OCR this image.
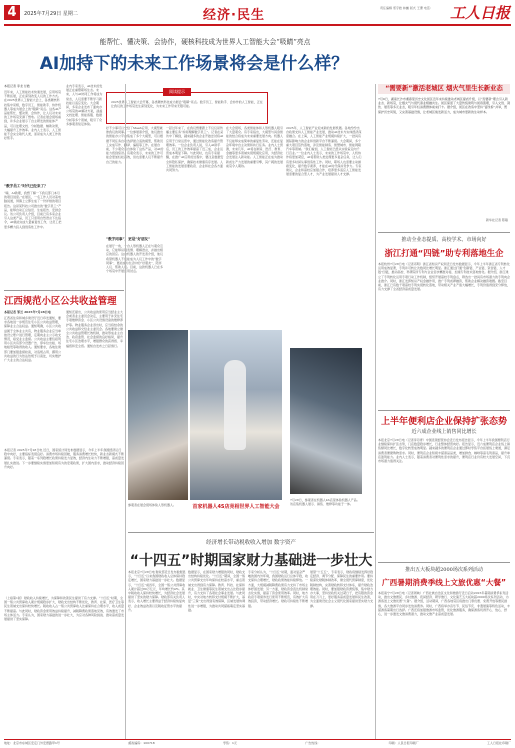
4	2025年7月29日 星期二	经济·民生	责任编辑 邢宇皓 林巍 版式 王珊 电话：	工人日报
能帮忙、懂决策、会协作，硬核科技成为世界人工智能大会“吸睛”亮点
AI加持下的未来工作场景将会是什么样？
“需要新”激活老城区 烟火气里生长新业态
7月9日，湖南长沙市湘春里历史文化街区近年来持续推动老城区提质升级，以“需要新”理念引入新业态、新场景，让烟火气与现代商业相融共生。街区保留了大量传统建筑与街巷肌理，引入文创、餐饮、展览等多元业态，吸引年轻消费群体前来打卡。据介绍，街区在改造中坚持“留改拆”并举，既保护历史风貌，又完善基础设施，让老城区焕发新活力，成为城市更新的生动样本。
新华社记者 陈聪
本报记者 李龙 甘皓
近年来，人工智能技术快速发展，应用场景不断拓展，正在深刻改变人们的工作方式。在2025世界人工智能大会上，各类硬核科技集中亮相，数字员工、智能助手、协作机器人等成为展会上的“吸睛”亮点。这些AI产品能帮忙、懂决策、会协作，让人们对未来的工作场景充满了想象。记者在展会现场看到，许多企业展示了自主研发的智能体产品，可以处理文档、分析数据、辅助决策，大幅提升工作效率。业内人士表示，人工智能不会完全取代人类，而是成为人类工作的好帮手。
“数字员工”时代已经来了？
“嗨，AI助理，我想了解一下我们部门本月的项目进度。”在展区，一名工作人员对着电脑说道，屏幕上立即生成了一份详细的项目报告。这是某科技公司推出的“数字员工”产品，能够自动汇总信息、生成报告、安排会议。该公司负责人介绍，目前已有多家企业引入这类产品，员工只需用自然语言下达指令，AI就能完成大量重复性工作，让员工把更多精力投入到创造性工作中。
江西规范小区公共收益管理
本报记者 邹兰 2025年7月28日电
江西省住房和城乡建设厅近日印发通知，要求各地进一步规范住宅小区公共收益管理，保障业主合法权益。通知明确，小区公共收益属于全体业主共有，物业服务企业应当单独设立账户进行管理，定期向业主公示收支情况，接受业主监督。公共收益主要包括利用小区共有部分设置广告、停车位出租、场地租赁等取得的收入。通知要求，各地住建部门要加强监督检查，对违规占用、挪用公共收益的行为依法依规予以查处，切实维护广大业主的合法权益。
通知还提出，公共收益的使用应当经业主大会或者业主委员会决定，主要用于补充住宅专项维修资金、小区公共设施设备的维修养护等。物业服务企业退出时，应当将结余的公共收益移交给业主委员会。各地要建立健全公共收益管理长效机制，推动形成业主自治、政府监管、社会监督的良好格局，提升住宅小区治理水平，增强群众的获得感、幸福感和安全感。通知自发布之日起施行。
本报记者 2025年7月28日电 近日，国家统计局发布数据显示，今年上半年我国经济运行稳中向好，主要指标表现良好。消费市场持续回暖，服务消费增长较快，新业态新模式不断涌现。专家表示，随着一系列稳增长政策持续发力显效，经济内生动力不断增强，高质量发展扎实推进。下一步要继续实施更加积极有为的宏观政策，扩大国内需求，推动经济持续回升向好。
（上接第1版）财政收入持续增长，为保障和改善民生提供了有力支撑。“十四五”时期，全国一般公共预算收入累计规模稳步扩大，财政支出结构不断优化，教育、社保、医疗卫生等民生领域支出保持较快增长。税收收入占一般公共预算收入比重保持在合理水平，收入质量不断提高。与此同时，财政资金使用效益持续提升，减税降费政策落地见效，有效激发了市场主体活力。专家认为，国家财力基础的进一步壮大，为应对各种风险挑战、推动高质量发展提供了坚实保障。
阅读提示
2025世界人工智能大会开幕，各类硬核科技成为展会“吸睛”亮点。数字员工、智能助手、会协作的人工智能，正在让我们的工作场景发生深刻变化，为未来工作带来无限可能。
业内专家表示，AI技术的发展正在重塑职场生态。未来，人与AI协同工作将成为常态，人们需要不断学习新技能以适应变化。大会期间，多家企业发布了面向办公场景的AI解决方案，涵盖文档处理、智能客服、数据分析等多个领域，吸引了众多参观者驻足体验。
好不少事可以交给了MaaS应用，大模型就像我们的同事。一位参展商介绍，他们推出的智能办公平台集成了多个大模型，可以根据不同任务自动选择最合适的模型，帮助员工完成写作、翻译、编程等工作。在展台前，不少观众亲自体验了这些产品，对AI的能力感到惊讶。有观众表示，未来的工作可能会更加轻松高效，但也需要人们不断提升自己的能力。
“数字同事”，更是“好朋友”
在展厅一角，一台人形机器人正在与观众互动，它能够识别表情、理解语言，并做出相应的回应。这台机器人的开发者介绍，他们希望机器人不仅能成为人们工作中的“数字同事”，更能成为生活中的“好朋友”，陪伴人们、帮助人们。目前，这款机器人已在多个场景中开展应用试点。
一起过年来了，在我们想要跟上不仅仅是传播主要任务“如何理解数字员工”。记者在采访中了解到，越来越多的企业开始尝试将AI应用于日常运营中，通过智能化改造提升管理效率。一位企业负责人说，引入AI助手后，员工的工作效率提高了近三成，企业运营成本明显下降。与此同时，也有专家提醒，在推广AI应用的过程中，要注意数据安全和隐私保护，确保技术健康有序发展。人工智能的发展需要政府、企业和社会各方面共同努力。
在大会现场，各类智能体和人形机器人吸引了大量观众。有专家指出，大模型与具身智能的结合将成为未来重要发展方向。机器人不仅能够完成简单的重复性劳动，还能在复杂环境中自主决策和执行任务。业内人士预测，未来几年，AI将在制造、医疗、教育、金融等更多领域实现规模化应用，为经济社会发展注入新动能。人工智能正在成为推动新质生产力发展的重要引擎，其广阔的发展前景令人期待。
2025年，人工智能产业迎来新的发展机遇。各地纷纷出台政策支持人工智能产业发展，推动AI技术与实体经济深度融合。在上海，人工智能产业规模持续扩大，一批具有国际影响力的企业和创新平台不断涌现。大会期间，多个重大项目签约落地，涉及智能制造、智慧城市、智能网联汽车等领域。“我们看到，人工智能已经从实验室走向千行百业。”一位业内人士表示，未来的工作场景中，人机协作将更加紧密，AI将帮助人类处理更多复杂任务，让人们有更多时间从事创造性工作。同时，职场人也需要主动拥抱变化，提升数字素养，才能在AI时代保持竞争力。专家建议，企业和高校应加强合作，培养更多适应人工智能发展需要的复合型人才，为产业发展提供人才支撑。
首家机器人4S店亮相世界人工智能大会
7月28日，参观者在机器人4S店里体验机器人产品。该店集机器人展示、销售、维修等功能于一体。
参观者在展会现场体验人形机器人。
经济增长带动税收收入增加 数字资产
“十四五”时期国家财力基础进一步壮大
本报北京7月28日电 财政部近日发布数据显示，“十四五”以来我国财政收入总体保持稳定增长，国家财力基础进一步壮大。数据显示，“十四五”前四年，全国一般公共预算收入累计超过80万亿元，年均增长约4%。其中税收收入保持较快增长，为经济社会发展提供了坚实的财力保障。财政部有关负责人表示，收入增长主要得益于经济持续恢复向好、企业效益改善以及税收征管水平的提升。
数据显示，在国家财力增强的同时，财政支出结构持续优化。“十四五”期间，全国一般公共预算支出年均保持在较高水平，重点领域支出得到有力保障。教育、科技、社保和就业、卫生健康等民生领域支出占比稳步提升，有力支持了各项社会事业发展。与此同时，中央对地方转移支付规模不断扩大，基层“三保”支出得到有效保障，区域发展协调性进一步增强，为推动共同富裕奠定坚实基础。
专家分析认为，“十四五”时期，面对复杂严峻的国内外环境，我国财政运行总体平稳，收支保持合理增长，财政政策效能持续释放。一方面，大规模减税降费政策有力支持了市场主体纾困发展；另一方面，财政资金直达机制常态化实施，提高了资金使用效率。同时，地方政府专项债券发行使用不断规范，有效扩大有效投资，带动经济增长。财政可持续性不断增强。
展望“十五五”，专家表示，财政将继续发挥好稳定经济、调节分配、保障民生的重要作用。要持续深化财税体制改革，健全现代预算制度，优化税制结构，完善财政转移支付体系，提升财政治理效能。同时，要加强财政资源统筹，集中财力办大事，坚持党政机关过紧日子，把有限的资金用在刀刃上，更好服务高质量发展和民生改善，为全面建设社会主义现代化国家提供坚实财力支撑。
推动全业态提质、高校学术、市场向好
浙江打通“四链”助专利落地生企
本报杭州7月28日电（记者邓明）浙江省知识产权局近日发布数据显示，今年上半年浙江省专利转化运用成效显著，专利许可转让次数同比增长明显。浙江通过打通“创新链、产业链、资金链、人才链”四链，推动高校、科研院所专利与企业需求精准对接，加速专利技术落地转化。据介绍，浙江建立了专利转化运用专项行动工作机制，组织开展高校专利盘点，筛选出一批具有市场潜力的专利向企业推介。同时，浙江发挥知识产权金融作用，推广专利质押融资，帮助企业解决融资难题。截至目前，浙江已有数千项高校专利实现转化落地，带动相关产业产值大幅增长，专利价值得到充分释放，有力支撑了全省经济高质量发展。
上半年便利店企业保持扩张态势
近六成企业线上销售同比增长
本报北京7月28日电（记者李丹青）中国连锁经营协会近日发布报告显示，今年上半年我国便利店行业继续保持扩张态势，门店数量稳步增长，行业整体经营向好。报告显示，近六成便利店企业线上销售额同比增长，数字化转型成效明显。越来越多的便利店企业通过即时零售平台拓展线上渠道，满足消费者便捷购物需求。同时，便利店企业积极丰富商品品类，增加鲜食、咖啡等高毛利商品，提升单店盈利能力。业内人士表示，随着消费者对便利性需求的提升，便利店行业仍有较大发展空间，下沉市场潜力值得关注。
推出五大板块超2000场次系列活动
广西暑期消费季线上文旅优惠“大餐”
本报南宁7月28日电（记者周映）广西壮族自治区文化和旅游厅近日启动2025年暑期消费季系列活动，推出文旅惠民、乡村旅游、夜间经济、研学旅行、文化演艺五大板块超2000场次系列活动，为游客送上文旅优惠“大餐”。据介绍，活动期间，广西各地景区将推出门票优惠、免费开放等惠民措施，各大旅游平台同步发放消费券。同时，广西将举办音乐节、民俗节庆、非遗展演等特色活动，丰富游客暑期出行选择。广西还将加强旅游市场监管，优化旅游服务，确保游客玩得开心、放心、舒心，进一步激发文旅消费潜力，推动文旅产业高质量发展。
地址：北京市东城区安定门外安德路甲1号	邮政编码：100718	零售：1元	广告热线：	印刷：人民日报印刷厂	工人日报社印刷厂
